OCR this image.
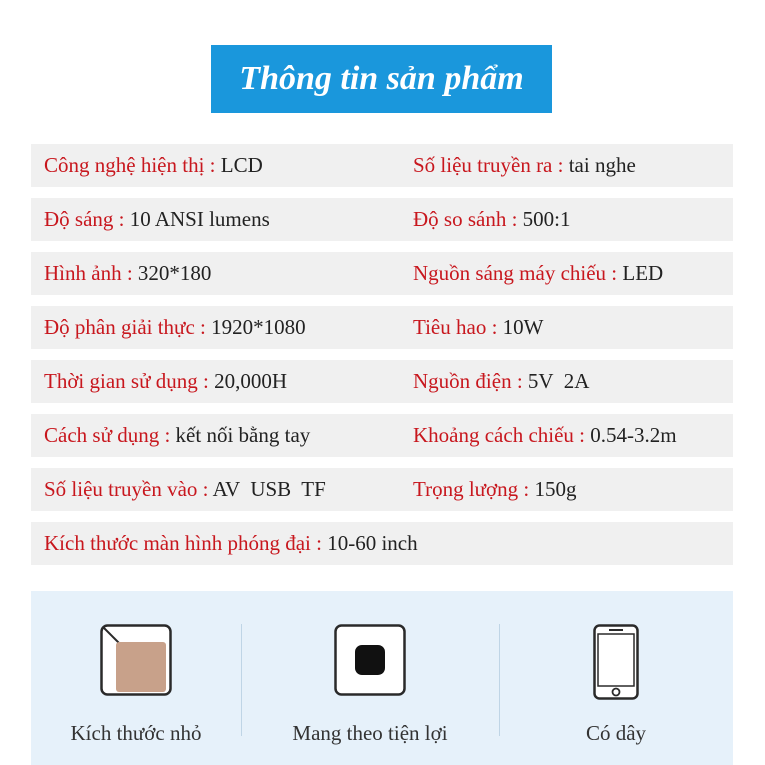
Thông tin sản phẩm
Công nghệ hiện thị : LCD	Số liệu truyền ra : tai nghe
Độ sáng : 10 ANSI lumens	Độ so sánh : 500:1
Hình ảnh : 320*180	Nguồn sáng máy chiếu : LED
Độ phân giải thực : 1920*1080	Tiêu hao : 10W
Thời gian sử dụng : 20,000H	Nguồn điện : 5V  2A
Cách sử dụng : kết nối bằng tay	Khoảng cách chiếu : 0.54-3.2m
Số liệu truyền vào : AV  USB  TF	Trọng lượng : 150g
Kích thước màn hình phóng đại : 10-60 inch
Kích thước nhỏ	Mang theo tiện lợi	Có dây
